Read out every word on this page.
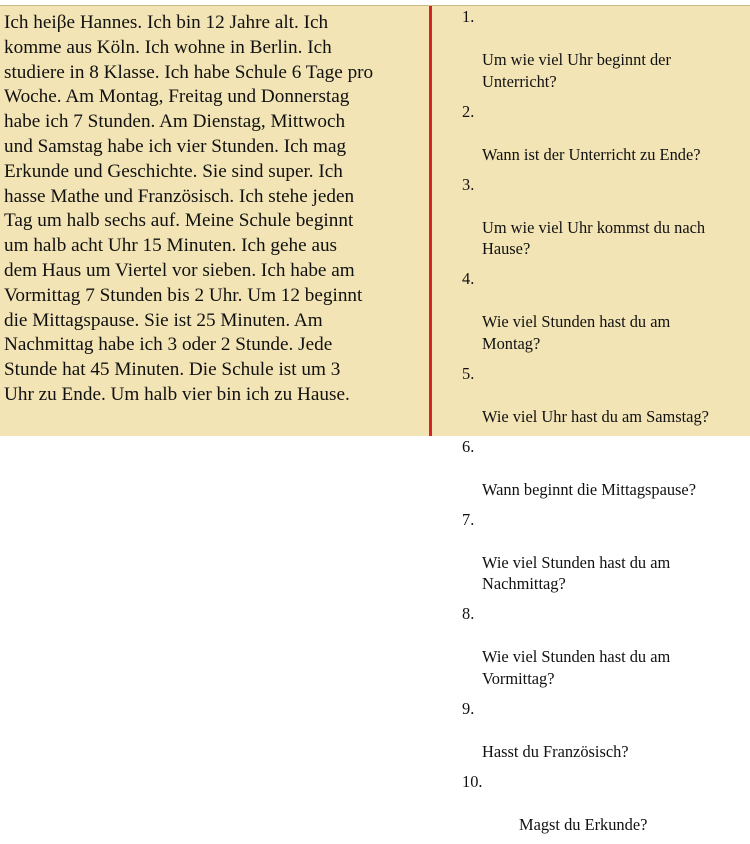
Ich heiβe Hannes. Ich bin 12 Jahre alt. Ich
komme aus Köln. Ich wohne in Berlin. Ich
studiere in 8 Klasse. Ich habe Schule 6 Tage pro
Woche. Am Montag, Freitag und Donnerstag
habe ich 7 Stunden. Am Dienstag, Mittwoch
und Samstag habe ich vier Stunden. Ich mag
Erkunde und Geschichte. Sie sind super. Ich
hasse Mathe und Französisch. Ich stehe jeden
Tag um halb sechs auf. Meine Schule beginnt
um halb acht Uhr 15 Minuten. Ich gehe aus
dem Haus um Viertel vor sieben. Ich habe am
Vormittag 7 Stunden bis 2 Uhr. Um 12 beginnt
die Mittagspause. Sie ist 25 Minuten. Am
Nachmittag habe ich 3 oder 2 Stunde. Jede
Stunde hat 45 Minuten. Die Schule ist um 3
Uhr zu Ende. Um halb vier bin ich zu Hause.

1.

Um wie viel Uhr beginnt der
Unterricht?

2.

Wann ist der Unterricht zu Ende?

3.

Um wie viel Uhr kommst du nach
Hause?

4.

Wie viel Stunden hast du am
Montag?

5.

Wie viel Uhr hast du am Samstag?

6.

Wann beginnt die Mittagspause?

7.

Wie viel Stunden hast du am
Nachmittag?

8.

Wie viel Stunden hast du am
Vormittag?

9.

Hasst du Französisch?

10.

Magst du Erkunde?
